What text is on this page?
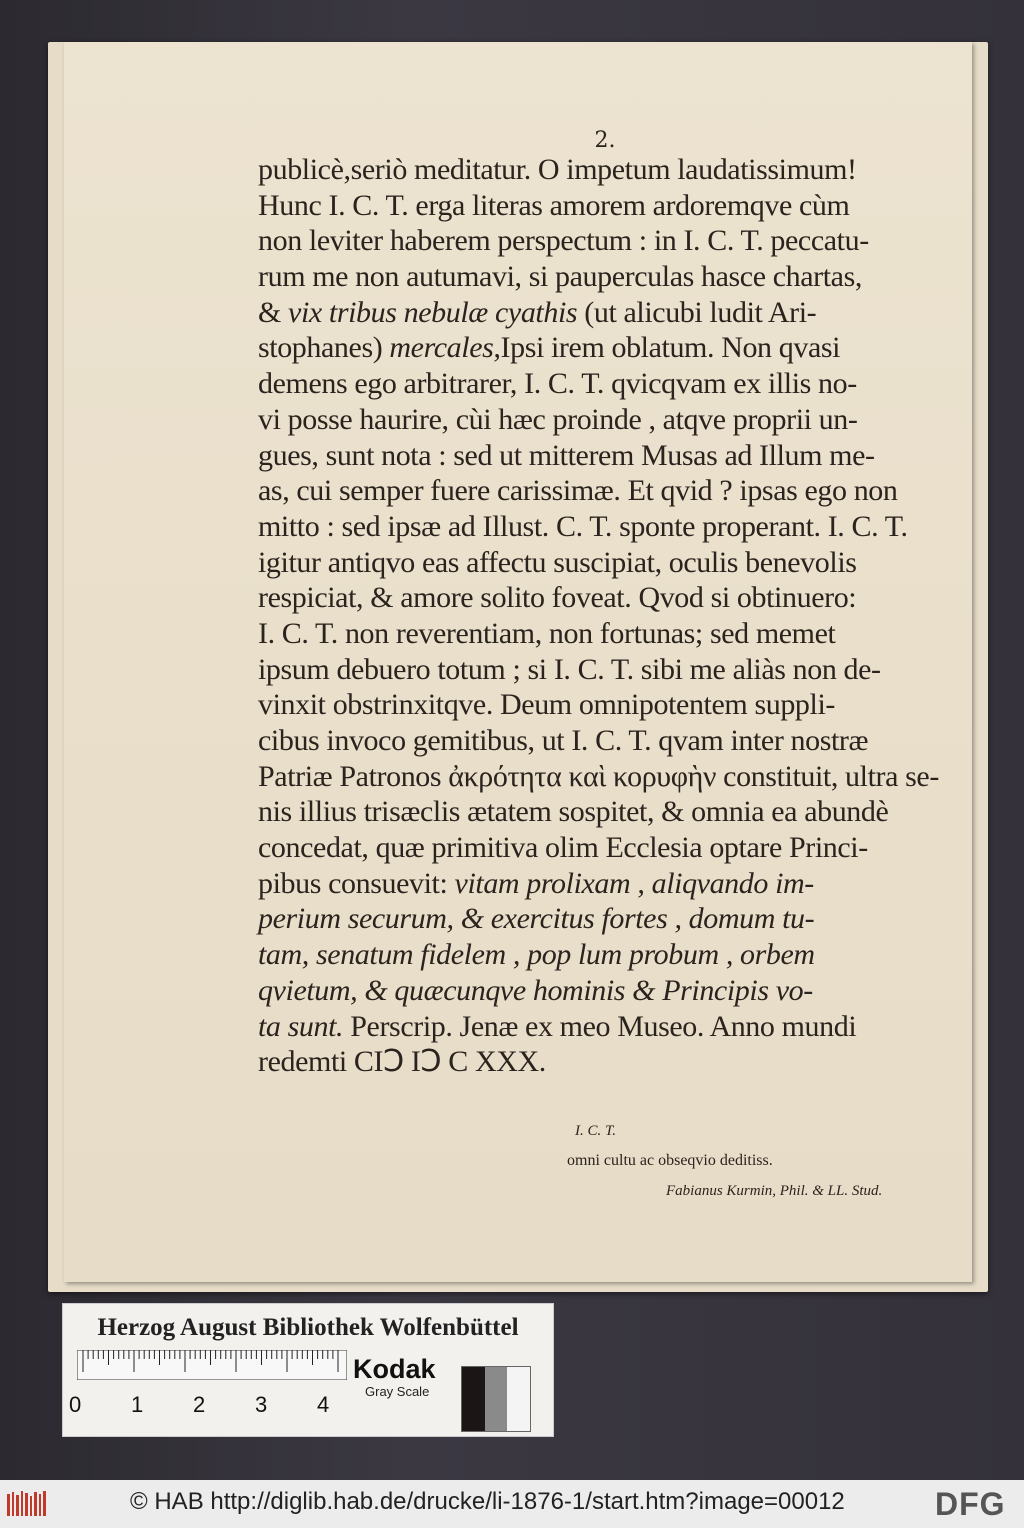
2.
publicè,seriò meditatur. O impetum laudatissimum!
Hunc I. C. T. erga literas amorem ardoremqve cùm
non leviter haberem perspectum : in I. C. T. peccatu-
rum me non autumavi, si pauperculas hasce chartas,
& vix tribus nebulæ cyathis (ut alicubi ludit Ari-
stophanes) mercales,Ipsi irem oblatum. Non qvasi
demens ego arbitrarer, I. C. T. qvicqvam ex illis no-
vi posse haurire, cùi hæc proinde , atqve proprii un-
gues, sunt nota : sed ut mitterem Musas ad Illum me-
as, cui semper fuere carissimæ. Et qvid ? ipsas ego non
mitto : sed ipsæ ad Illust. C. T. sponte properant. I. C. T.
igitur antiqvo eas affectu suscipiat, oculis benevolis
respiciat, & amore solito foveat. Qvod si obtinuero:
I. C. T. non reverentiam, non fortunas; sed memet
ipsum debuero totum ; si I. C. T. sibi me aliàs non de-
vinxit obstrinxitqve. Deum omnipotentem suppli-
cibus invoco gemitibus, ut I. C. T. qvam inter nostræ
Patriæ Patronos ἀκρότητα καὶ κορυφὴν constituit, ultra se-
nis illius trisæclis ætatem sospitet, & omnia ea abundè
concedat, quæ primitiva olim Ecclesia optare Princi-
pibus consuevit: vitam prolixam , aliqvando im-
perium securum, & exercitus fortes , domum tu-
tam, senatum fidelem , pop lum probum , orbem
qvietum, & quæcunqve hominis & Principis vo-
ta sunt. Perscrip. Jenæ ex meo Museo. Anno mundi
redemti CIↃ IↃ C XXX.
I. C. T.
omni cultu ac obseqvio deditiss.
Fabianus Kurmin, Phil. & LL. Stud.
Herzog August Bibliothek Wolfenbüttel
0 1 2 3 4
Kodak
Gray Scale
© HAB http://diglib.hab.de/drucke/li-1876-1/start.htm?image=00012	DFG
